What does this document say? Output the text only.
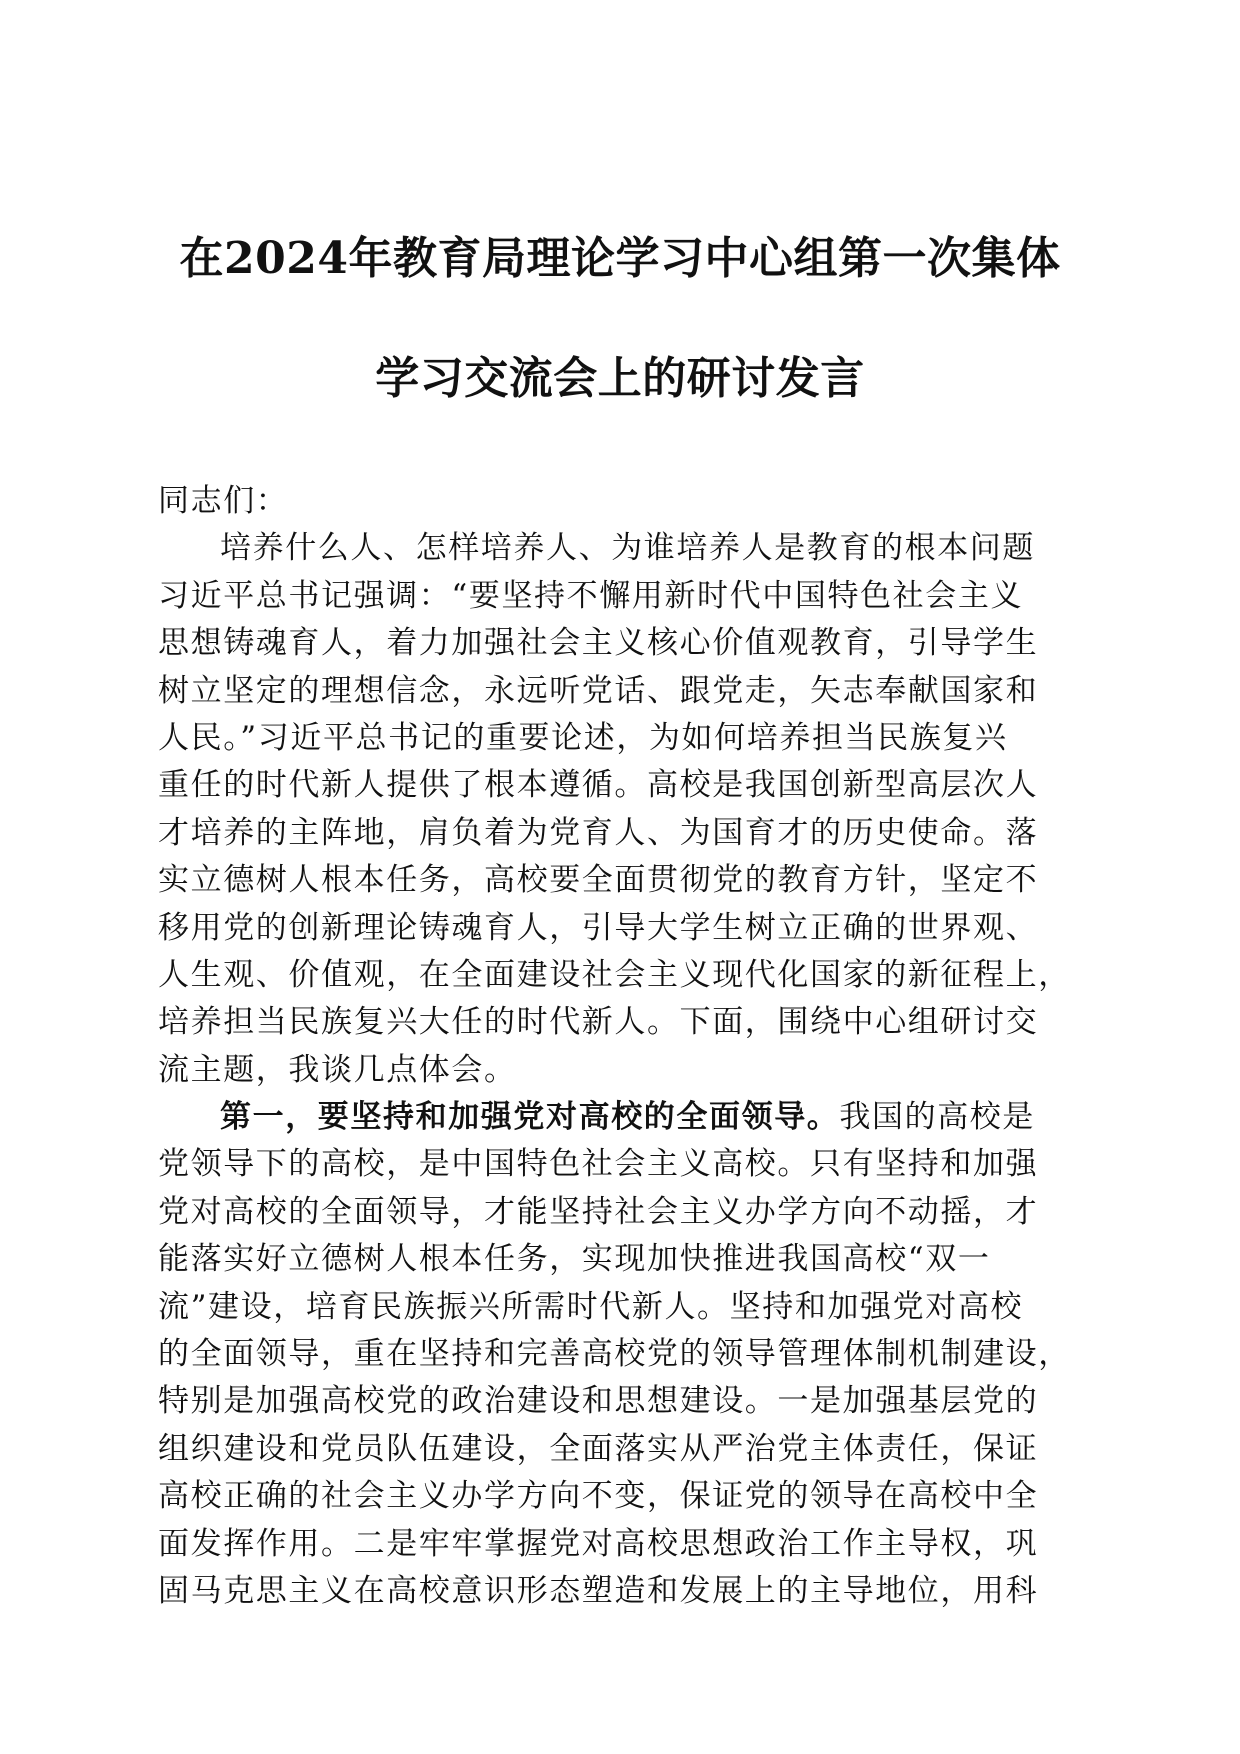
在2024年教育局理论学习中心组第一次集体
学习交流会上的研讨发言
同志们：
培养什么人、怎样培养人、为谁培养人是教育的根本问题
习近平总书记强调：“要坚持不懈用新时代中国特色社会主义
思想铸魂育人，着力加强社会主义核心价值观教育，引导学生
树立坚定的理想信念，永远听党话、跟党走，矢志奉献国家和
人民。”习近平总书记的重要论述，为如何培养担当民族复兴
重任的时代新人提供了根本遵循。高校是我国创新型高层次人
才培养的主阵地，肩负着为党育人、为国育才的历史使命。落
实立德树人根本任务，高校要全面贯彻党的教育方针，坚定不
移用党的创新理论铸魂育人，引导大学生树立正确的世界观、
人生观、价值观，在全面建设社会主义现代化国家的新征程上，
培养担当民族复兴大任的时代新人。下面，围绕中心组研讨交
流主题，我谈几点体会。
第一，要坚持和加强党对高校的全面领导。我国的高校是
党领导下的高校，是中国特色社会主义高校。只有坚持和加强
党对高校的全面领导，才能坚持社会主义办学方向不动摇，才
能落实好立德树人根本任务，实现加快推进我国高校“双一
流”建设，培育民族振兴所需时代新人。坚持和加强党对高校
的全面领导，重在坚持和完善高校党的领导管理体制机制建设，
特别是加强高校党的政治建设和思想建设。一是加强基层党的
组织建设和党员队伍建设，全面落实从严治党主体责任，保证
高校正确的社会主义办学方向不变，保证党的领导在高校中全
面发挥作用。二是牢牢掌握党对高校思想政治工作主导权，巩
固马克思主义在高校意识形态塑造和发展上的主导地位，用科
